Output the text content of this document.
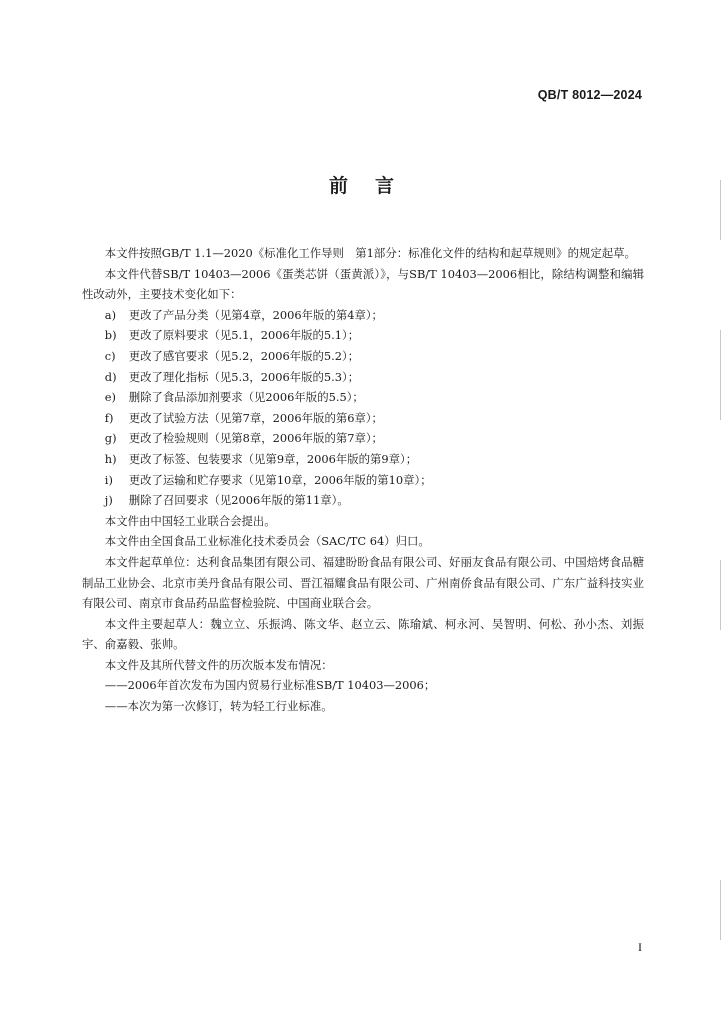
QB/T 8012—2024
前 言

本文件按照GB/T 1.1—2020《标准化工作导则　第1部分：标准化文件的结构和起草规则》的规定起草。

本文件代替SB/T 10403—2006《蛋类芯饼（蛋黄派）》，与SB/T 10403—2006相比，除结构调整和编辑性改动外，主要技术变化如下：

a) 更改了产品分类（见第4章，2006年版的第4章）；

b) 更改了原料要求（见5.1，2006年版的5.1）；

c) 更改了感官要求（见5.2，2006年版的5.2）；

d) 更改了理化指标（见5.3，2006年版的5.3）；

e) 删除了食品添加剂要求（见2006年版的5.5）；

f) 更改了试验方法（见第7章，2006年版的第6章）；

g) 更改了检验规则（见第8章，2006年版的第7章）；

h) 更改了标签、包装要求（见第9章，2006年版的第9章）；

i) 更改了运输和贮存要求（见第10章，2006年版的第10章）；

j) 删除了召回要求（见2006年版的第11章）。

本文件由中国轻工业联合会提出。

本文件由全国食品工业标准化技术委员会（SAC/TC 64）归口。

本文件起草单位：达利食品集团有限公司、福建盼盼食品有限公司、好丽友食品有限公司、中国焙烤食品糖制品工业协会、北京市美丹食品有限公司、晋江福耀食品有限公司、广州南侨食品有限公司、广东广益科技实业有限公司、南京市食品药品监督检验院、中国商业联合会。

本文件主要起草人：魏立立、乐振鸿、陈文华、赵立云、陈瑜斌、柯永河、吴智明、何松、孙小杰、刘振宇、俞嘉毅、张帅。

本文件及其所代替文件的历次版本发布情况：

——2006年首次发布为国内贸易行业标准SB/T 10403—2006；

——本次为第一次修订，转为轻工行业标准。

I
